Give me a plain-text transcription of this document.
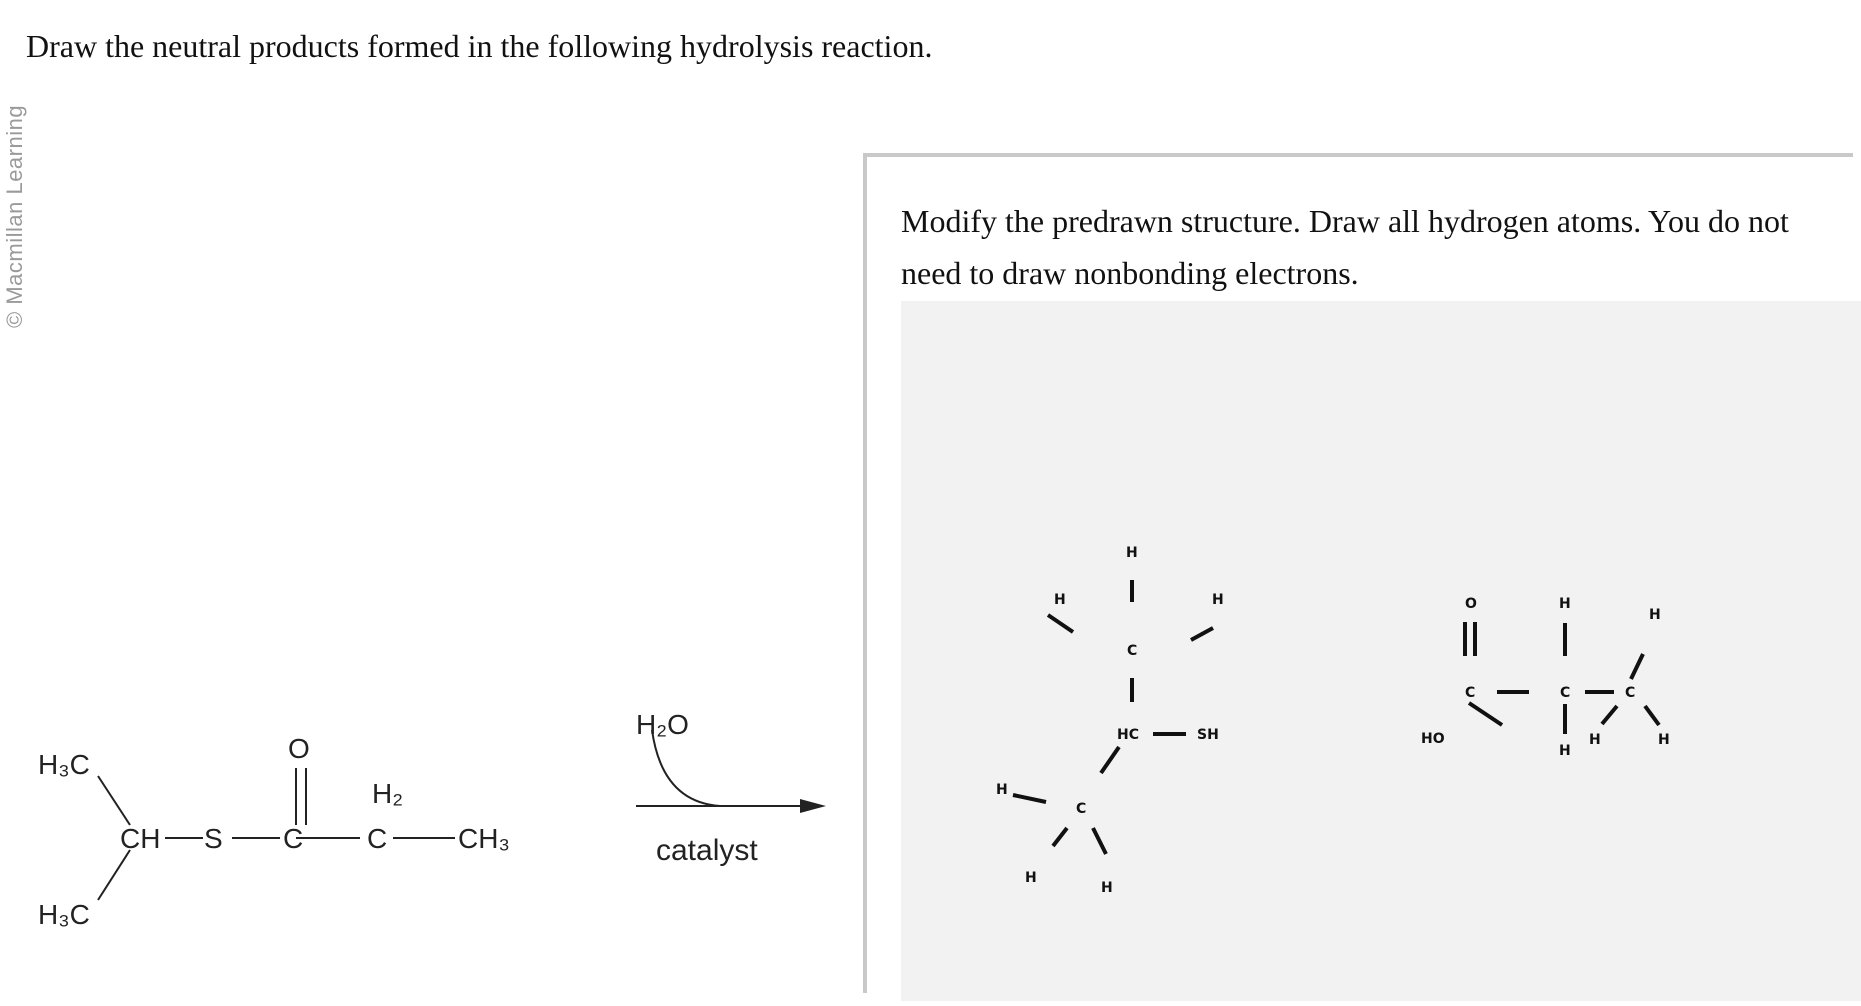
© Macmillan Learning
Draw the neutral products formed in the following hydrolysis reaction.
H₃C
CH S C
O
H₂
C	CH₃
H₃C
H₂O
catalyst

Modify the predrawn structure. Draw all hydrogen atoms. You do not need to draw nonbonding electrons.

H
H	H
C
HC	SH
H
C
H
H
O
C
HO
H
C
H
C
H
H	H
